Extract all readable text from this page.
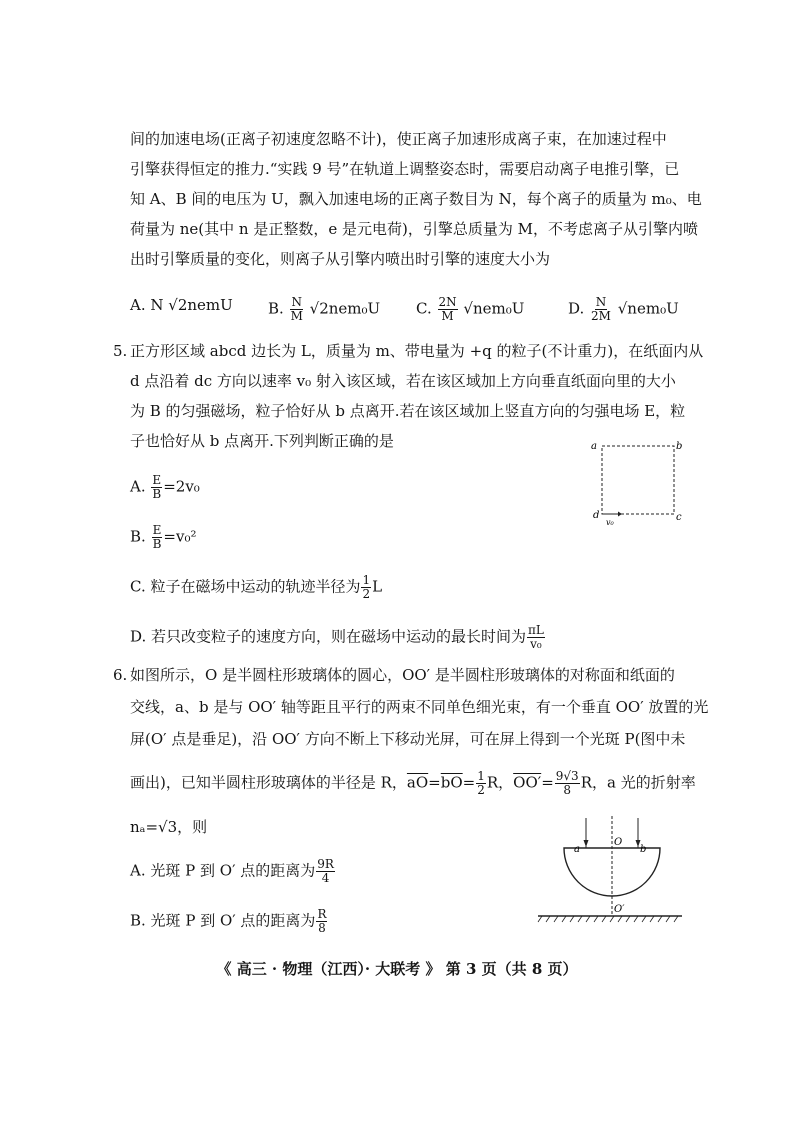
间的加速电场(正离子初速度忽略不计)，使正离子加速形成离子束，在加速过程中
引擎获得恒定的推力.“实践 9 号”在轨道上调整姿态时，需要启动离子电推引擎，已
知 A、B 间的电压为 U，飘入加速电场的正离子数目为 N，每个离子的质量为 m₀、电
荷量为 ne(其中 n 是正整数，e 是元电荷)，引擎总质量为 M，不考虑离子从引擎内喷
出时引擎质量的变化，则离子从引擎内喷出时引擎的速度大小为
A. N √2nemU B. $\frac{N}{M} √2nem_0U$ C. $\frac{2N}{M} √nem_0U$	D. $\frac{N}{2M} √nem_0U$
5. 正方形区域 abcd 边长为 L，质量为 m、带电量为 +q 的粒子(不计重力)，在纸面内从
d 点沿着 dc 方向以速率 v₀ 射入该区域，若在该区域加上方向垂直纸面向里的大小
为 B 的匀强磁场，粒子恰好从 b 点离开.若在该区域加上竖直方向的匀强电场 E，粒
子也恰好从 b 点离开.下列判断正确的是
A. $\frac{E}{B} =2v_0$
B. $\frac{E}{B} =v_0^2$
C. 粒子在磁场中运动的轨迹半径为 $\frac{1}{2}$ L
D. 若只改变粒子的速度方向，则在磁场中运动的最长时间为 $\frac{\pi L}{\text{v₀}}$
a	b
c
d
v₀
6. 如图所示，O 是半圆柱形玻璃体的圆心，OO′ 是半圆柱形玻璃体的对称面和纸面的
交线，a、b 是与 OO′ 轴等距且平行的两束不同单色细光束，有一个垂直 OO′ 放置的光
屏(O′ 点是垂足)，沿 OO′ 方向不断上下移动光屏，可在屏上得到一个光斑 P(图中未
画出)，已知半圆柱形玻璃体的半径是 R，$\overline{aO}=\overline{bO}= \frac{1}{2}$ R，$OO'= \frac{9√3}{8}$ R，a 光的折射率
nₐ=√3，则
A. 光斑 P 到 O′ 点的距离为 $\frac{9R}{4}$
B. 光斑 P 到 O′ 点的距离为 $\frac{R}{8}$
a
O
b
O′
《 高三 · 物理（江西）· 大联考 》 第 3 页（共 8 页）
